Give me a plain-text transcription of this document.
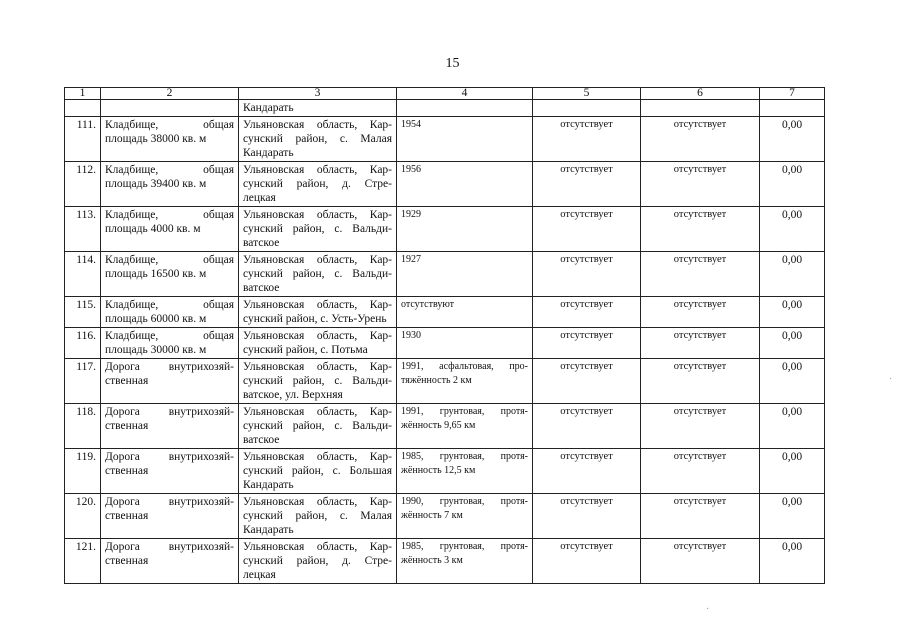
15
1	2	3	4	5	6	7
		Кандарать				
111.	Кладбище, общая площадь 38000 кв. м	Ульяновская область, Кар-сунский район, с. Малая Кандарать	1954	отсутствует	отсутствует	0,00
112.	Кладбище, общая площадь 39400 кв. м	Ульяновская область, Кар-сунский район, д. Стре-лецкая	1956	отсутствует	отсутствует	0,00
113.	Кладбище, общая площадь 4000 кв. м	Ульяновская область, Кар-сунский район, с. Вальди-ватское	1929	отсутствует	отсутствует	0,00
114.	Кладбище, общая площадь 16500 кв. м	Ульяновская область, Кар-сунский район, с. Вальди-ватское	1927	отсутствует	отсутствует	0,00
115.	Кладбище, общая площадь 60000 кв. м	Ульяновская область, Кар-сунский район, с. Усть-Урень	отсутствуют	отсутствует	отсутствует	0,00
116.	Кладбище, общая площадь 30000 кв. м	Ульяновская область, Кар-сунский район, с. Потьма	1930	отсутствует	отсутствует	0,00
117.	Дорога внутрихозяй-ственная	Ульяновская область, Кар-сунский район, с. Вальди-ватское, ул. Верхняя	1991, асфальтовая, про-тяжённость 2 км	отсутствует	отсутствует	0,00
118.	Дорога внутрихозяй-ственная	Ульяновская область, Кар-сунский район, с. Вальди-ватское	1991, грунтовая, протя-жённость 9,65 км	отсутствует	отсутствует	0,00
119.	Дорога внутрихозяй-ственная	Ульяновская область, Кар-сунский район, с. Большая Кандарать	1985, грунтовая, протя-жённость 12,5 км	отсутствует	отсутствует	0,00
120.	Дорога внутрихозяй-ственная	Ульяновская область, Кар-сунский район, с. Малая Кандарать	1990, грунтовая, протя-жённость 7 км	отсутствует	отсутствует	0,00
121.	Дорога внутрихозяй-ственная	Ульяновская область, Кар-сунский район, д. Стре-лецкая	1985, грунтовая, протя-жённость 3 км	отсутствует	отсутствует	0,00
·
·
